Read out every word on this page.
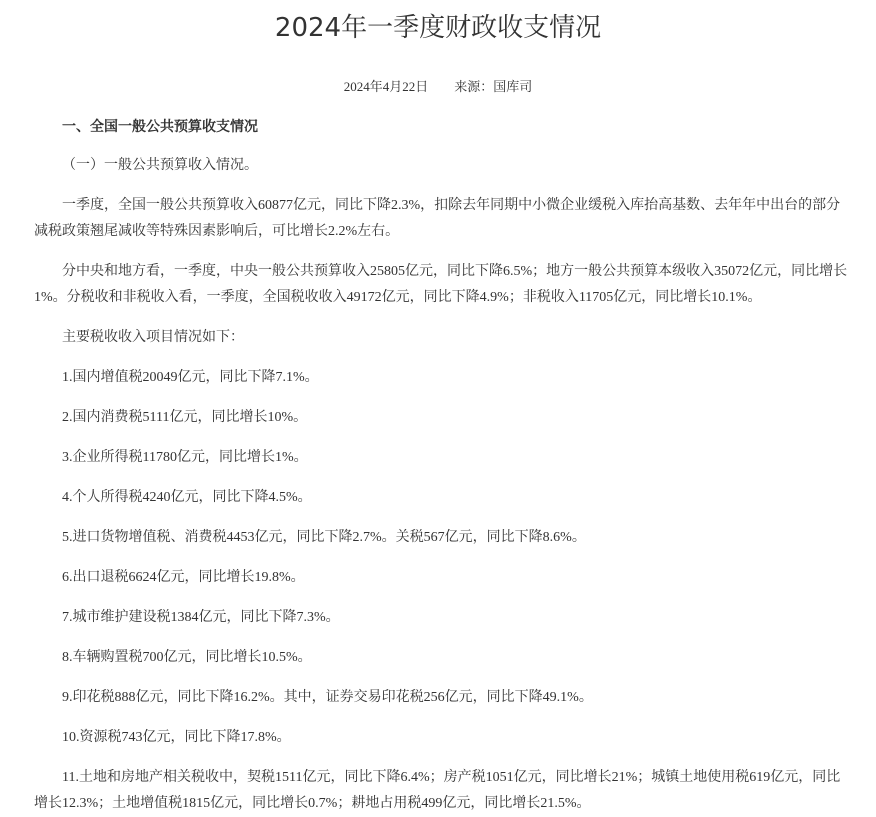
2024年一季度财政收支情况
2024年4月22日 来源：国库司
一、全国一般公共预算收支情况

（一）一般公共预算收入情况。

一季度，全国一般公共预算收入60877亿元，同比下降2.3%，扣除去年同期中小微企业缓税入库抬高基数、去年年中出台的部分减税政策翘尾减收等特殊因素影响后，可比增长2.2%左右。

分中央和地方看，一季度，中央一般公共预算收入25805亿元，同比下降6.5%；地方一般公共预算本级收入35072亿元，同比增长1%。分税收和非税收入看，一季度，全国税收收入49172亿元，同比下降4.9%；非税收入11705亿元，同比增长10.1%。

主要税收收入项目情况如下：

1.国内增值税20049亿元，同比下降7.1%。

2.国内消费税5111亿元，同比增长10%。

3.企业所得税11780亿元，同比增长1%。

4.个人所得税4240亿元，同比下降4.5%。

5.进口货物增值税、消费税4453亿元，同比下降2.7%。关税567亿元，同比下降8.6%。

6.出口退税6624亿元，同比增长19.8%。

7.城市维护建设税1384亿元，同比下降7.3%。

8.车辆购置税700亿元，同比增长10.5%。

9.印花税888亿元，同比下降16.2%。其中，证券交易印花税256亿元，同比下降49.1%。

10.资源税743亿元，同比下降17.8%。

11.土地和房地产相关税收中，契税1511亿元，同比下降6.4%；房产税1051亿元，同比增长21%；城镇土地使用税619亿元，同比增长12.3%；土地增值税1815亿元，同比增长0.7%；耕地占用税499亿元，同比增长21.5%。
